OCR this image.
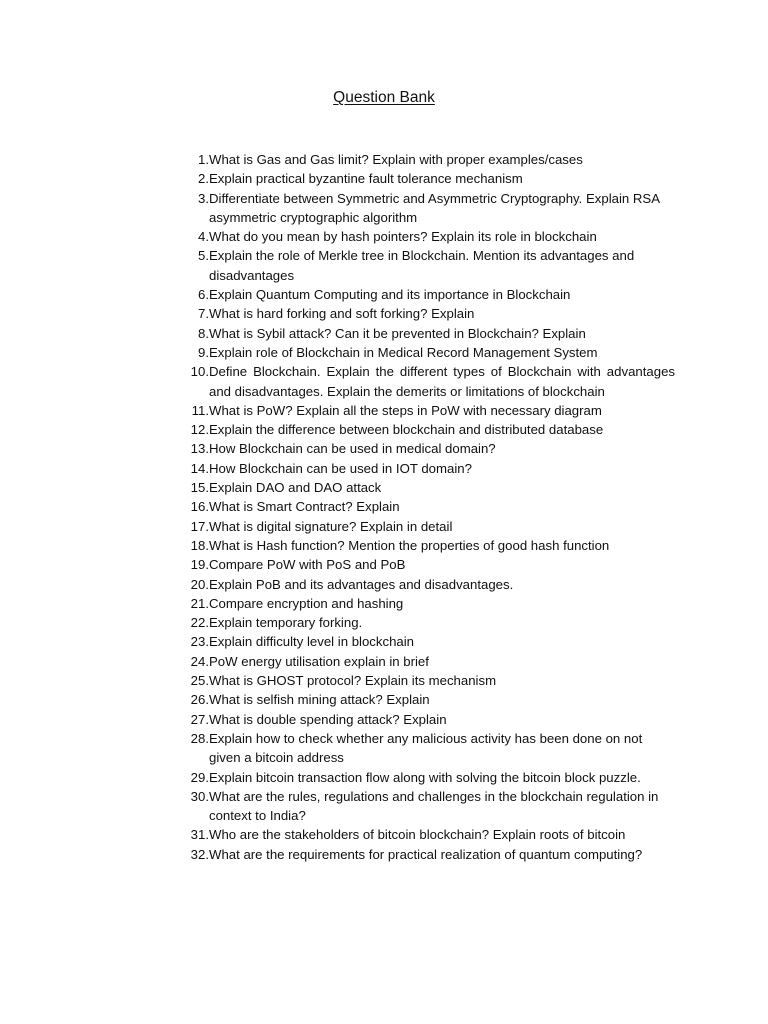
Question Bank
1. What is Gas and Gas limit? Explain with proper examples/cases
2. Explain practical byzantine fault tolerance mechanism
3. Differentiate between Symmetric and Asymmetric Cryptography. Explain RSA asymmetric cryptographic algorithm
4. What do you mean by hash pointers? Explain its role in blockchain
5. Explain the role of Merkle tree in Blockchain. Mention its advantages and disadvantages
6. Explain Quantum Computing and its importance in Blockchain
7. What is hard forking and soft forking? Explain
8. What is Sybil attack? Can it be prevented in Blockchain? Explain
9. Explain role of Blockchain in Medical Record Management System
10. Define Blockchain. Explain the different types of Blockchain with advantages and disadvantages. Explain the demerits or limitations of blockchain
11. What is PoW? Explain all the steps in PoW with necessary diagram
12. Explain the difference between blockchain and distributed database
13. How Blockchain can be used in medical domain?
14. How Blockchain can be used in IOT domain?
15. Explain DAO and DAO attack
16. What is Smart Contract? Explain
17. What is digital signature? Explain in detail
18. What is Hash function? Mention the properties of good hash function
19. Compare PoW with PoS and PoB
20. Explain PoB and its advantages and disadvantages.
21. Compare encryption and hashing
22. Explain temporary forking.
23. Explain difficulty level in blockchain
24. PoW energy utilisation explain in brief
25. What is GHOST protocol? Explain its mechanism
26. What is selfish mining attack? Explain
27. What is double spending attack? Explain
28. Explain how to check whether any malicious activity has been done on not given a bitcoin address
29. Explain bitcoin transaction flow along with solving the bitcoin block puzzle.
30. What are the rules, regulations and challenges in the blockchain regulation in context to India?
31. Who are the stakeholders of bitcoin blockchain? Explain roots of bitcoin
32. What are the requirements for practical realization of quantum computing?
